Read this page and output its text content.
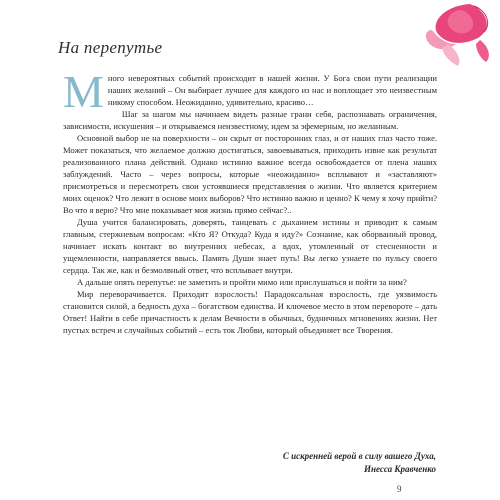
На перепутье

Много невероятных событий происходит в нашей жизни. У Бога свои пути реализации наших желаний – Он выбирает лучшее для каждого из нас и воплощает это неизвестным никому способом. Неожиданно, удивительно, красиво…

Шаг за шагом мы начинаем видеть разные грани себя, распознавать ограничения, зависимости, искушения – и открываемся неизвестному, идем за эфемерным, но желанным.

Основной выбор не на поверхности – он скрыт от посторонних глаз, и от наших глаз часто тоже. Может показаться, что желаемое должно достигаться, завоевываться, приходить извне как результат реализованного плана действий. Однако истинно важное всегда освобождается от плена наших заблуждений. Часто – через вопросы, которые «неожиданно» всплывают и «заставляют» присмотреться и пересмотреть свои устоявшиеся представления о жизни. Что является критерием моих оценок? Что лежит в основе моих выборов? Что истинно важно и ценно? К чему я хочу прийти? Во что я верю? Что мне показывает моя жизнь прямо сейчас?..

Душа учится балансировать, доверять, танцевать с дыханием истины и приводит к самым главным, стержневым вопросам: «Кто Я? Откуда? Куда я иду?» Сознание, как оборванный провод, начинает искать контакт во внутренних небесах, а вдох, утомленный от стесненности и ущемленности, направляется ввысь. Память Души знает путь! Вы легко узнаете по пульсу своего сердца. Так же, как и безмолвный ответ, что всплывает внутри.

А дальше опять перепутье: не заметить и пройти мимо или прислушаться и пойти за ним?

Мир переворачивается. Приходит взрослость! Парадоксальная взрослость, где уязвимость становится силой, а бедность духа – богатством единства. И ключевое место в этом перевороте – дать Ответ! Найти в себе причастность к делам Вечности в обычных, будничных мгновениях жизни. Нет пустых встреч и случайных событий – есть ток Любви, который объединяет все Творения.

С искренней верой в силу вашего Духа,
Инесса Кравченко
9
